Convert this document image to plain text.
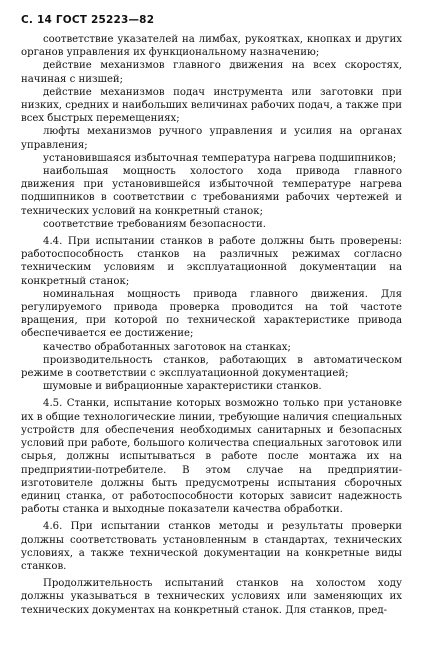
С. 14 ГОСТ 25223—82

соответствие указателей на лимбах, рукоятках, кнопках и других органов управления их функциональному назначению;

действие механизмов главного движения на всех скоростях, начиная с низшей;

действие механизмов подач инструмента или заготовки при низких, средних и наибольших величинах рабочих подач, а также при всех быстрых перемещениях;

люфты механизмов ручного управления и усилия на органах управления;

установившаяся избыточная температура нагрева подшипников;

наибольшая мощность холостого хода привода главного движения при установившейся избыточной температуре нагрева подшипников в соответствии с требованиями рабочих чертежей и технических условий на конкретный станок;

соответствие требованиям безопасности.

4.4. При испытании станков в работе должны быть проверены: работоспособность станков на различных режимах согласно техническим условиям и эксплуатационной документации на конкретный станок;

номинальная мощность привода главного движения. Для регулируемого привода проверка проводится на той частоте вращения, при которой по технической характеристике привода обеспечивается ее достижение;

качество обработанных заготовок на станках;

производительность станков, работающих в автоматическом режиме в соответствии с эксплуатационной документацией;

шумовые и вибрационные характеристики станков.

4.5. Станки, испытание которых возможно только при установке их в общие технологические линии, требующие наличия специальных устройств для обеспечения необходимых санитарных и безопасных условий при работе, большого количества специальных заготовок или сырья, должны испытываться в работе после монтажа их на предприятии-потребителе. В этом случае на предприятии-изготовителе должны быть предусмотрены испытания сборочных единиц станка, от работоспособности которых зависит надежность работы станка и выходные показатели качества обработки.

4.6. При испытании станков методы и результаты проверки должны соответствовать установленным в стандартах, технических условиях, а также технической документации на конкретные виды станков.

Продолжительность испытаний станков на холостом ходу должны указываться в технических условиях или заменяющих их технических документах на конкретный станок. Для станков, пред-
